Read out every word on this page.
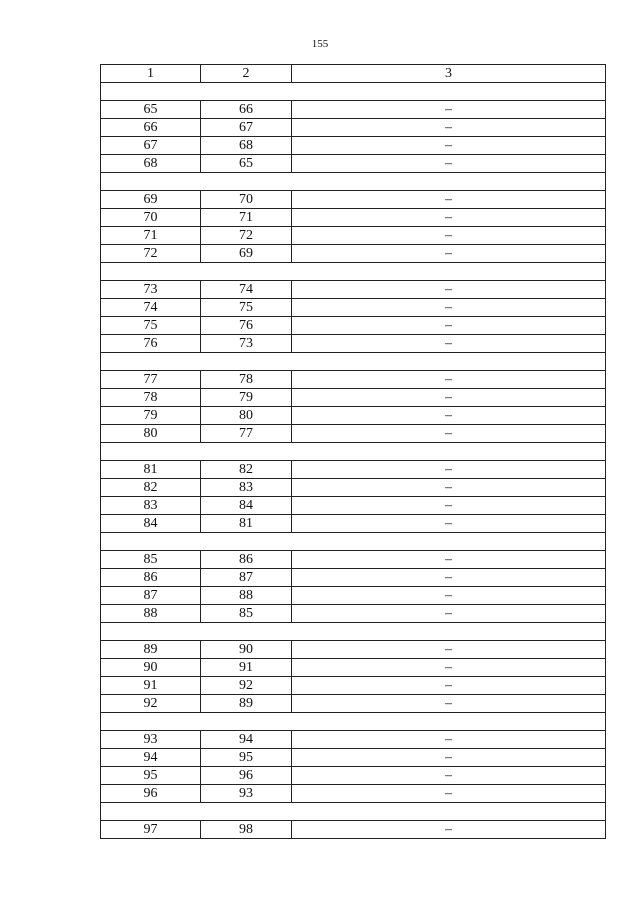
155
1	2	3

65	66	–
66	67	–
67	68	–
68	65	–

69	70	–
70	71	–
71	72	–
72	69	–

73	74	–
74	75	–
75	76	–
76	73	–

77	78	–
78	79	–
79	80	–
80	77	–

81	82	–
82	83	–
83	84	–
84	81	–

85	86	–
86	87	–
87	88	–
88	85	–

89	90	–
90	91	–
91	92	–
92	89	–

93	94	–
94	95	–
95	96	–
96	93	–

97	98	–
